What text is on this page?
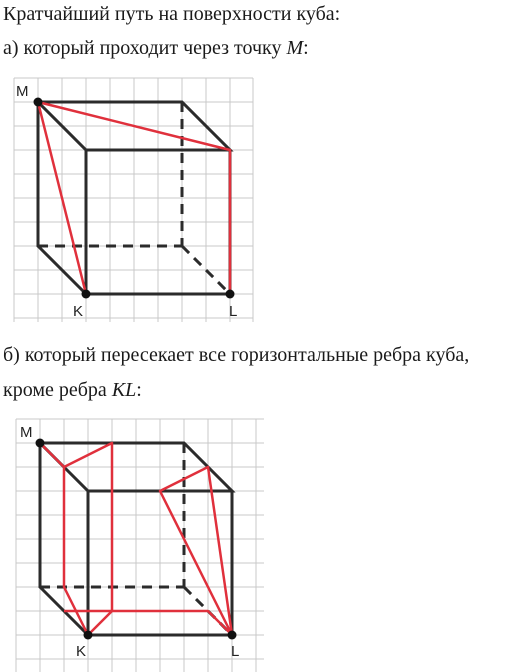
Кратчайший путь на поверхности куба:
а) который проходит через точку M:
б) который пересекает все горизонтальные ребра куба,
кроме ребра KL:
M
K	L
M
K	L
